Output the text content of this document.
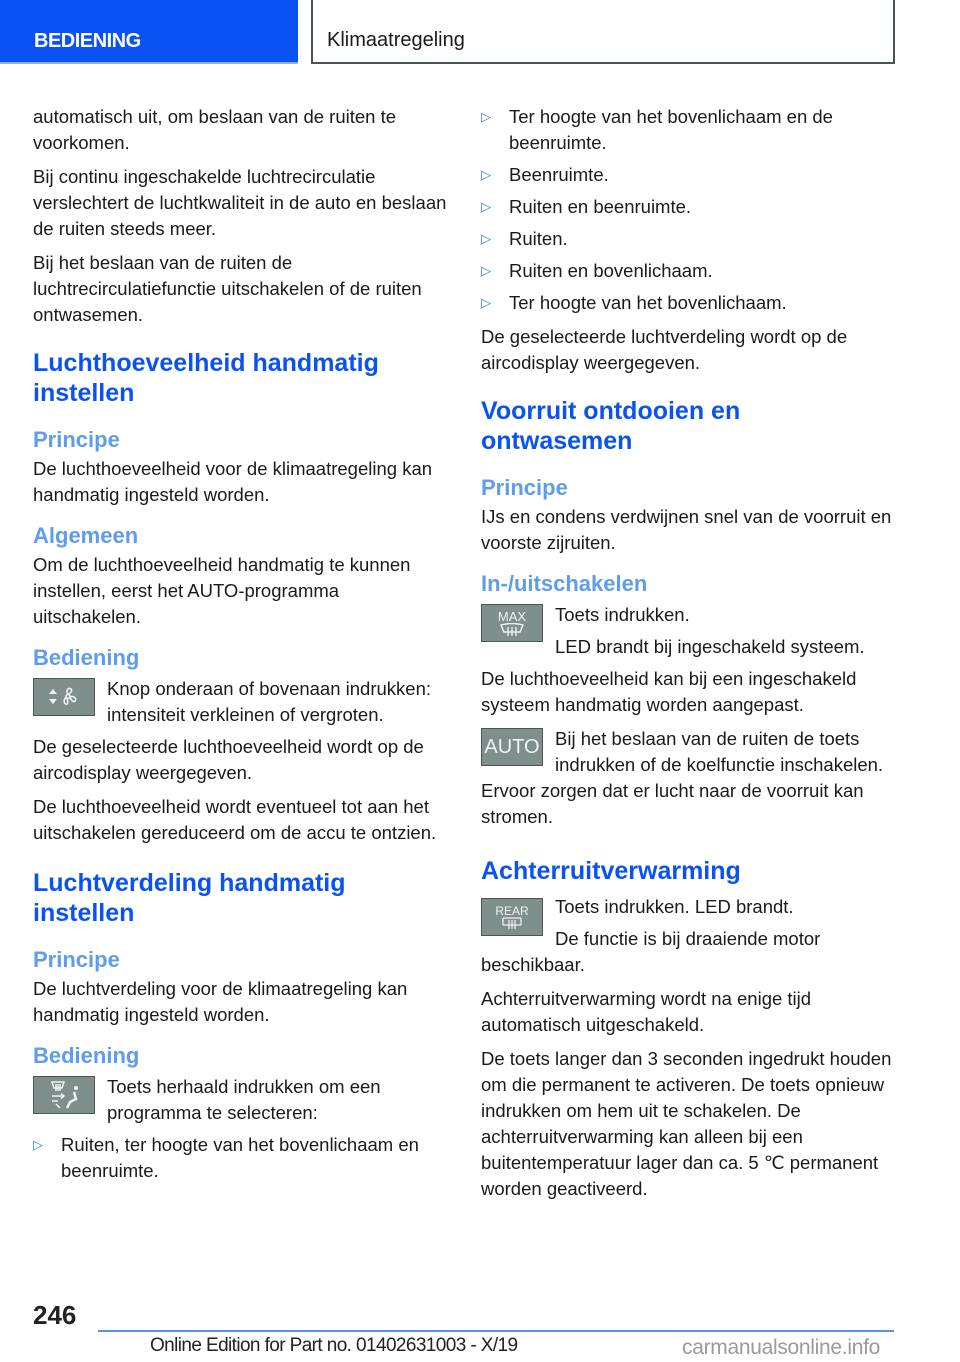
BEDIENING	Klimaatregeling

automatisch uit, om beslaan van de ruiten te voorkomen.

Bij continu ingeschakelde luchtrecirculatie verslechtert de luchtkwaliteit in de auto en beslaan de ruiten steeds meer.

Bij het beslaan van de ruiten de luchtrecirculatiefunctie uitschakelen of de ruiten ontwasemen.

Luchthoeveelheid handmatig instellen
Principe

De luchthoeveelheid voor de klimaatregeling kan handmatig ingesteld worden.

Algemeen

Om de luchthoeveelheid handmatig te kunnen instellen, eerst het AUTO-programma uitschakelen.

Bediening

Knop onderaan of bovenaan indrukken: intensiteit verkleinen of vergroten.

De geselecteerde luchthoeveelheid wordt op de aircodisplay weergegeven.

De luchthoeveelheid wordt eventueel tot aan het uitschakelen gereduceerd om de accu te ontzien.

Luchtverdeling handmatig instellen
Principe

De luchtverdeling voor de klimaatregeling kan handmatig ingesteld worden.

Bediening

Toets herhaald indrukken om een programma te selecteren:

▷ Ruiten, ter hoogte van het bovenlichaam en beenruimte.
▷ Ter hoogte van het bovenlichaam en de beenruimte.
▷ Beenruimte.
▷ Ruiten en beenruimte.
▷ Ruiten.
▷ Ruiten en bovenlichaam.
▷ Ter hoogte van het bovenlichaam.

De geselecteerde luchtverdeling wordt op de aircodisplay weergegeven.

Voorruit ontdooien en ontwasemen
Principe

IJs en condens verdwijnen snel van de voorruit en voorste zijruiten.

In-/uitschakelen
MAX Toets indrukken.

LED brandt bij ingeschakeld systeem.

De luchthoeveelheid kan bij een ingeschakeld systeem handmatig worden aangepast.

AUTO Bij het beslaan van de ruiten de toets indrukken of de koelfunctie inschakelen.

Ervoor zorgen dat er lucht naar de voorruit kan stromen.

Achterruitverwarming
REAR	Toets indrukken. LED brandt.

De functie is bij draaiende motor beschikbaar.

Achterruitverwarming wordt na enige tijd automatisch uitgeschakeld.

De toets langer dan 3 seconden ingedrukt houden om die permanent te activeren. De toets opnieuw indrukken om hem uit te schakelen. De achterruitverwarming kan alleen bij een buitentemperatuur lager dan ca. 5 ℃ permanent worden geactiveerd.

246
Online Edition for Part no. 01402631003 - X/19	carmanualsonline.info
